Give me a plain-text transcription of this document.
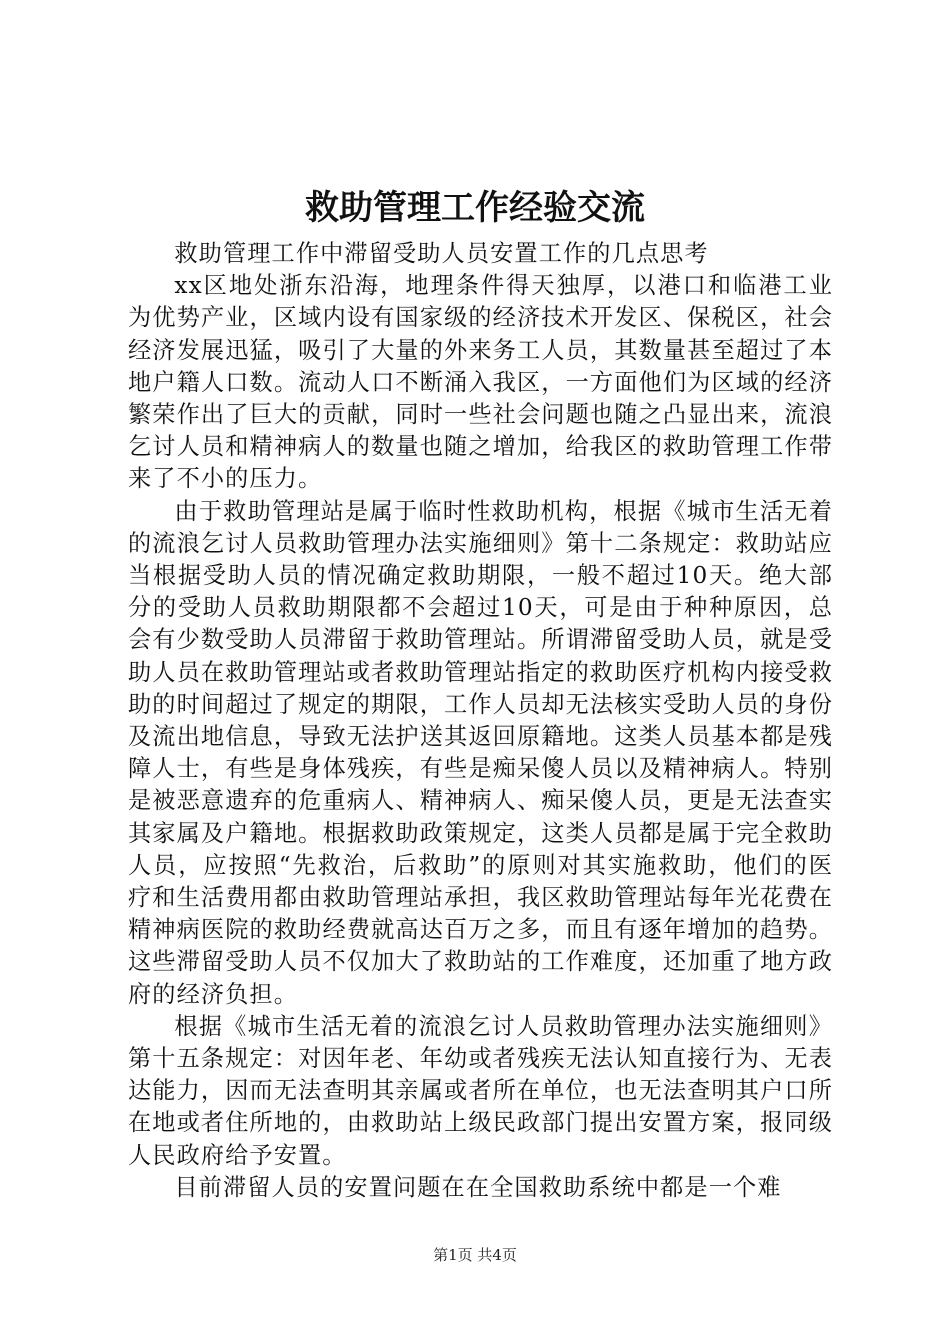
救助管理工作经验交流

救助管理工作中滞留受助人员安置工作的几点思考

xx区地处浙东沿海，地理条件得天独厚，以港口和临港工业为优势产业，区域内设有国家级的经济技术开发区、保税区，社会经济发展迅猛，吸引了大量的外来务工人员，其数量甚至超过了本地户籍人口数。流动人口不断涌入我区，一方面他们为区域的经济繁荣作出了巨大的贡献，同时一些社会问题也随之凸显出来，流浪乞讨人员和精神病人的数量也随之增加，给我区的救助管理工作带来了不小的压力。

由于救助管理站是属于临时性救助机构，根据《城市生活无着的流浪乞讨人员救助管理办法实施细则》第十二条规定：救助站应当根据受助人员的情况确定救助期限，一般不超过10天。绝大部分的受助人员救助期限都不会超过10天，可是由于种种原因，总会有少数受助人员滞留于救助管理站。所谓滞留受助人员，就是受助人员在救助管理站或者救助管理站指定的救助医疗机构内接受救助的时间超过了规定的期限，工作人员却无法核实受助人员的身份及流出地信息，导致无法护送其返回原籍地。这类人员基本都是残障人士，有些是身体残疾，有些是痴呆傻人员以及精神病人。特别是被恶意遗弃的危重病人、精神病人、痴呆傻人员，更是无法查实其家属及户籍地。根据救助政策规定，这类人员都是属于完全救助人员，应按照“先救治，后救助”的原则对其实施救助，他们的医疗和生活费用都由救助管理站承担，我区救助管理站每年光花费在精神病医院的救助经费就高达百万之多，而且有逐年增加的趋势。这些滞留受助人员不仅加大了救助站的工作难度，还加重了地方政府的经济负担。

根据《城市生活无着的流浪乞讨人员救助管理办法实施细则》第十五条规定：对因年老、年幼或者残疾无法认知直接行为、无表达能力，因而无法查明其亲属或者所在单位，也无法查明其户口所在地或者住所地的，由救助站上级民政部门提出安置方案，报同级人民政府给予安置。

目前滞留人员的安置问题在在全国救助系统中都是一个难

第1页 共4页
